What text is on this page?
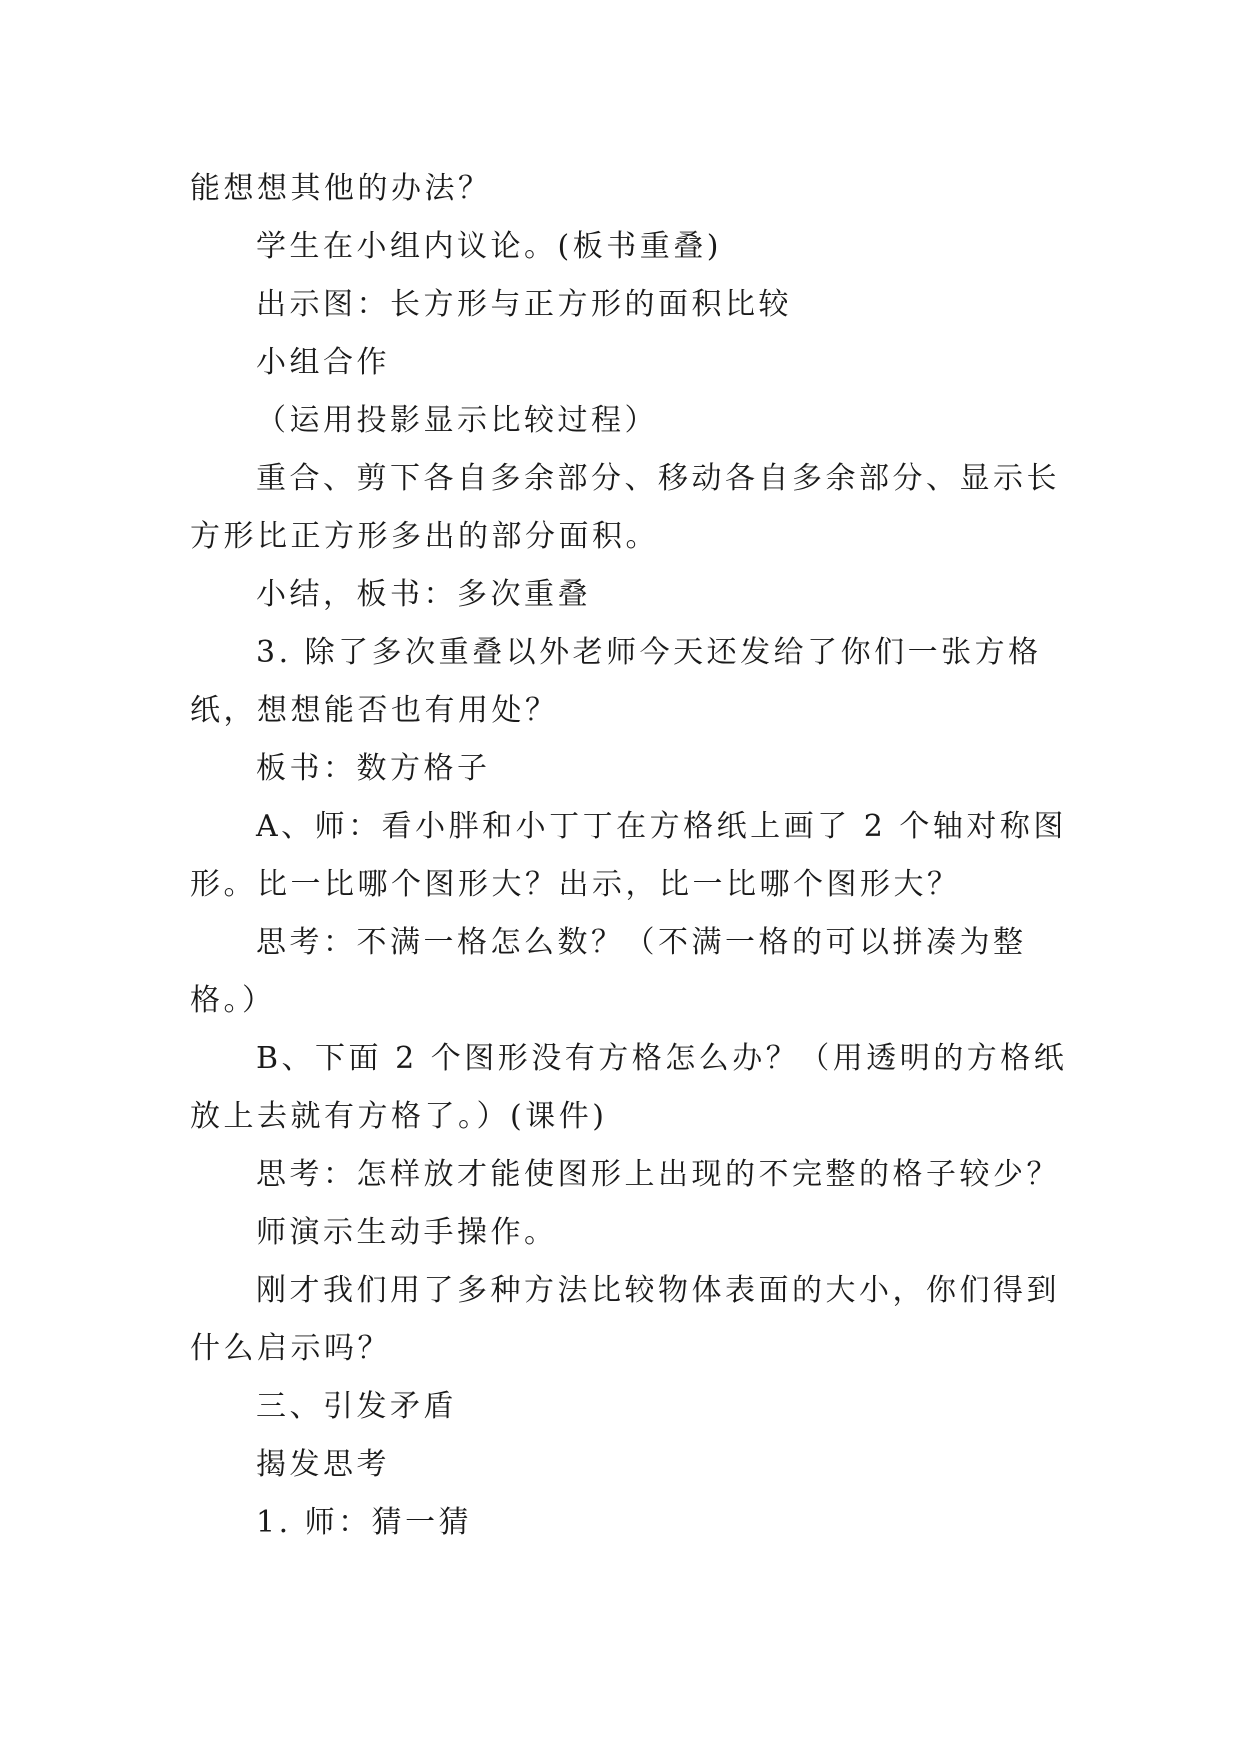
能想想其他的办法？

学生在小组内议论。(板书重叠)

出示图：长方形与正方形的面积比较

小组合作

（运用投影显示比较过程）

重合、剪下各自多余部分、移动各自多余部分、显示长方形比正方形多出的部分面积。

小结，板书：多次重叠

3. 除了多次重叠以外老师今天还发给了你们一张方格纸，想想能否也有用处？

板书：数方格子

A、师：看小胖和小丁丁在方格纸上画了 2 个轴对称图形。比一比哪个图形大？出示，比一比哪个图形大？

思考：不满一格怎么数？（不满一格的可以拼凑为整格。）

B、下面 2 个图形没有方格怎么办？（用透明的方格纸放上去就有方格了。）(课件)

思考：怎样放才能使图形上出现的不完整的格子较少？

师演示生动手操作。

刚才我们用了多种方法比较物体表面的大小，你们得到什么启示吗？

三、引发矛盾

揭发思考

1. 师：猜一猜
